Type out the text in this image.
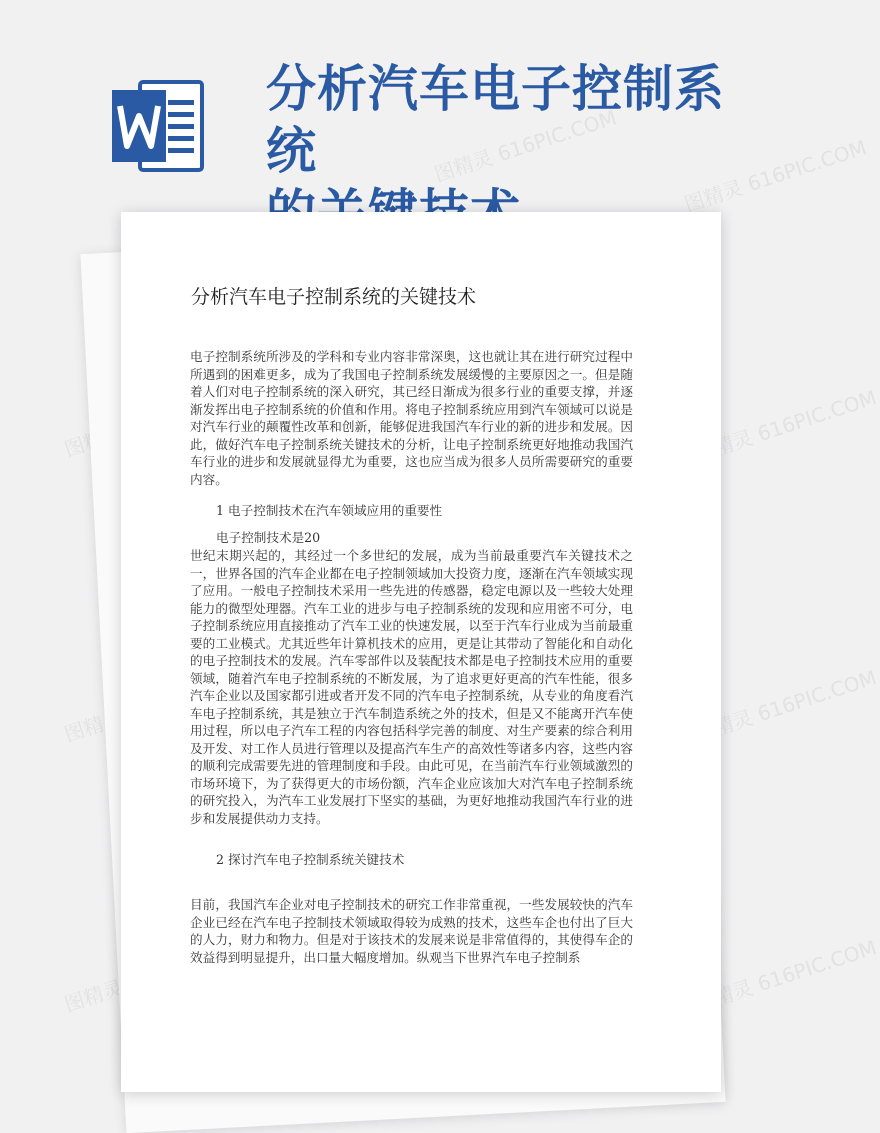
分析汽车电子控制系统	图精灵 616PIC.COM	图精灵 616PIC.COM
图精灵 616PIC.COM
图精灵	图精灵 616PIC.COM
图精灵	图精灵 616PIC.COM
分析汽车电子控制系统的关键技术

电子控制系统所涉及的学科和专业内容非常深奥，这也就让其在进行研究过程中所遇到的困难更多，成为了我国电子控制系统发展缓慢的主要原因之一。但是随着人们对电子控制系统的深入研究，其已经日渐成为很多行业的重要支撑，并逐渐发挥出电子控制系统的价值和作用。将电子控制系统应用到汽车领域可以说是对汽车行业的颠覆性改革和创新，能够促进我国汽车行业的新的进步和发展。因此，做好汽车电子控制系统关键技术的分析，让电子控制系统更好地推动我国汽车行业的进步和发展就显得尤为重要，这也应当成为很多人员所需要研究的重要内容。

1 电子控制技术在汽车领域应用的重要性

电子控制技术是20

世纪末期兴起的，其经过一个多世纪的发展，成为当前最重要汽车关键技术之一，世界各国的汽车企业都在电子控制领域加大投资力度，逐渐在汽车领域实现了应用。一般电子控制技术采用一些先进的传感器，稳定电源以及一些较大处理能力的微型处理器。汽车工业的进步与电子控制系统的发现和应用密不可分，电子控制系统应用直接推动了汽车工业的快速发展，以至于汽车行业成为当前最重要的工业模式。尤其近些年计算机技术的应用，更是让其带动了智能化和自动化的电子控制技术的发展。汽车零部件以及装配技术都是电子控制技术应用的重要领域，随着汽车电子控制系统的不断发展，为了追求更好更高的汽车性能，很多汽车企业以及国家都引进或者开发不同的汽车电子控制系统，从专业的角度看汽车电子控制系统，其是独立于汽车制造系统之外的技术，但是又不能离开汽车使用过程，所以电子汽车工程的内容包括科学完善的制度、对生产要素的综合利用及开发、对工作人员进行管理以及提高汽车生产的高效性等诸多内容，这些内容的顺利完成需要先进的管理制度和手段。由此可见，在当前汽车行业领域激烈的市场环境下，为了获得更大的市场份额，汽车企业应该加大对汽车电子控制系统的研究投入，为汽车工业发展打下坚实的基础，为更好地推动我国汽车行业的进步和发展提供动力支持。

2 探讨汽车电子控制系统关键技术

目前，我国汽车企业对电子控制技术的研究工作非常重视，一些发展较快的汽车企业已经在汽车电子控制技术领域取得较为成熟的技术，这些车企也付出了巨大的人力，财力和物力。但是对于该技术的发展来说是非常值得的，其使得车企的效益得到明显提升，出口量大幅度增加。纵观当下世界汽车电子控制系
